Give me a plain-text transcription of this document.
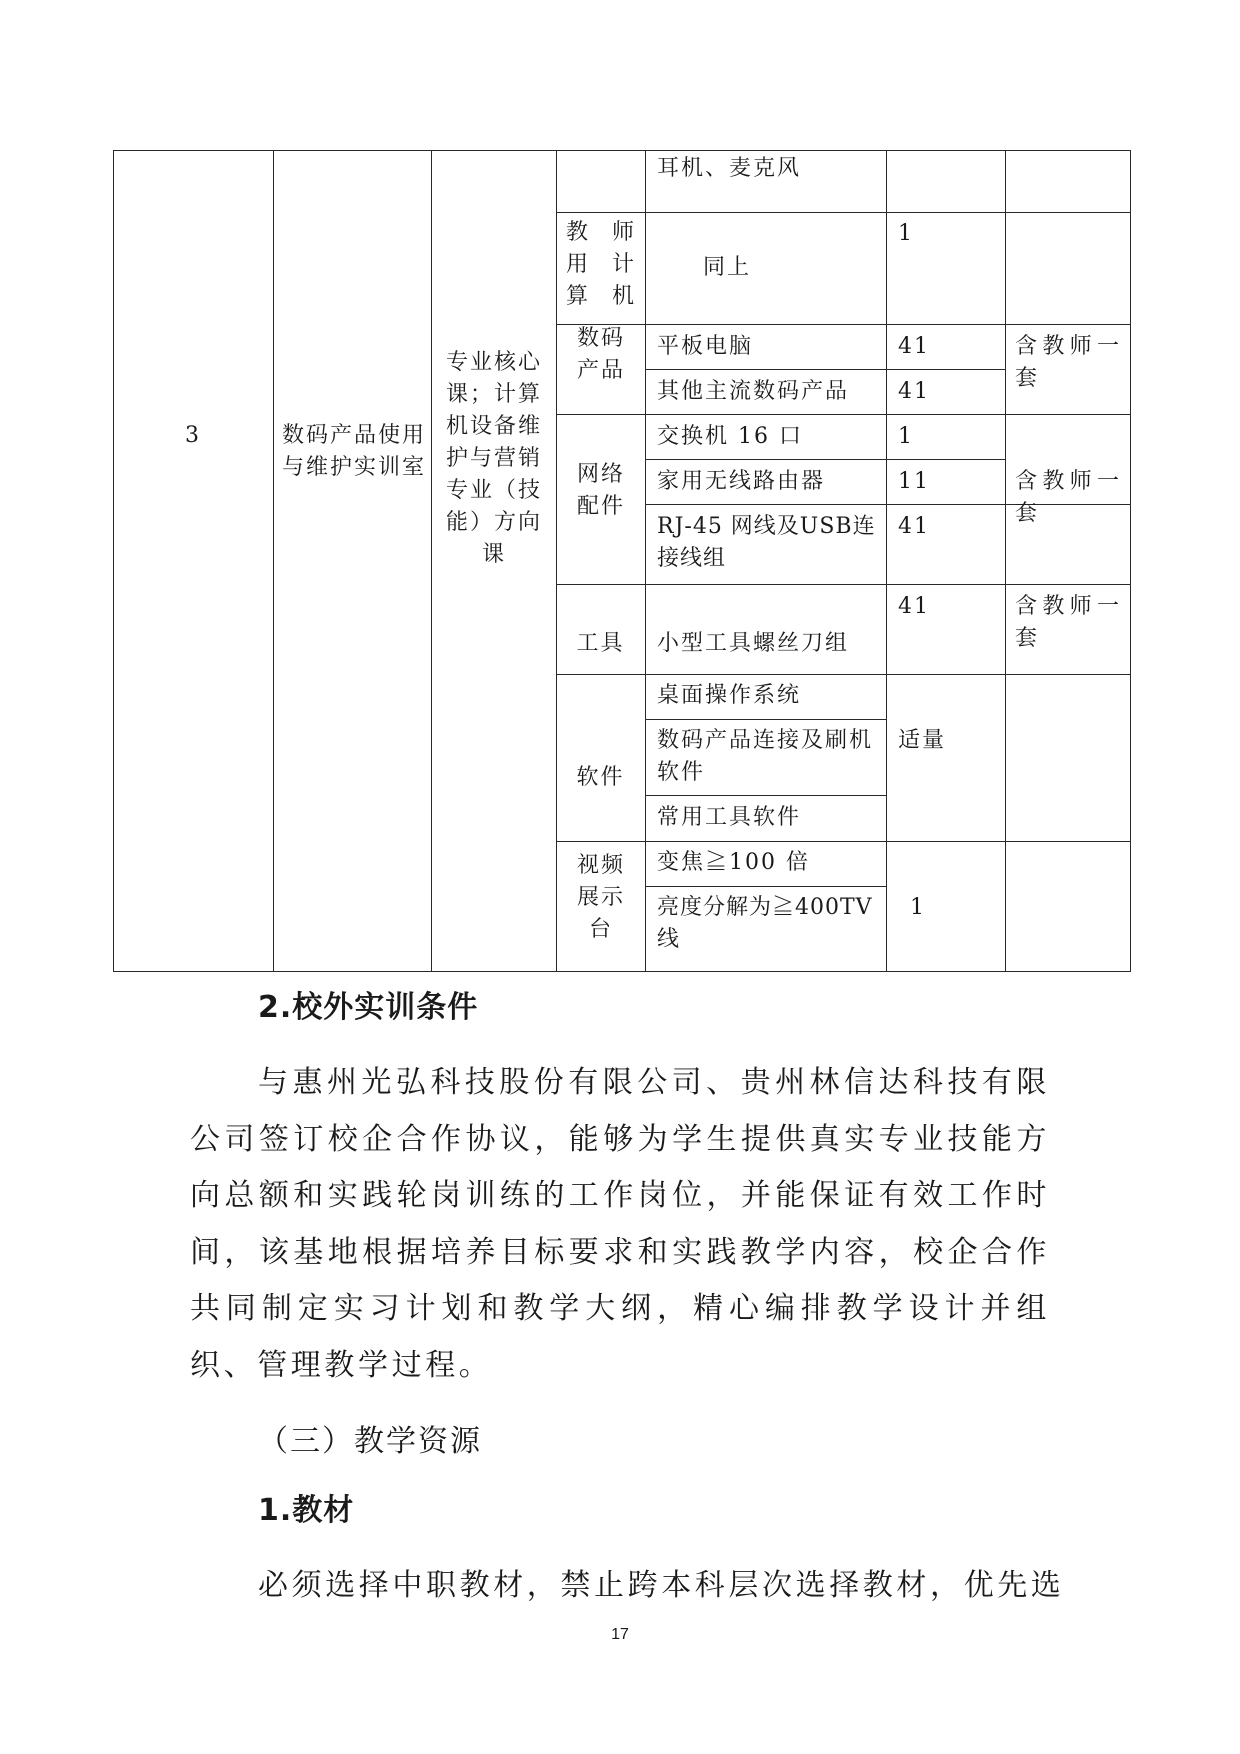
3	数码产品使用与维护实训室
专业核心课；计算机设备维护与营销专业（技能）方向课
教师用计算机
数码产品
网络配件
工具
软件
视频展示台
耳机、麦克风
同上
平板电脑
其他主流数码产品
交换机 16 口
家用无线路由器
RJ-45 网线及USB连接线组
小型工具螺丝刀组
桌面操作系统
数码产品连接及刷机软件
常用工具软件
变焦≧100 倍
亮度分解为≧400TV线
1
41
41
1
11
41
41
适量
1
含教师一套
含教师一套
含教师一套
2.校外实训条件

与惠州光弘科技股份有限公司、贵州林信达科技有限公司签订校企合作协议，能够为学生提供真实专业技能方向总额和实践轮岗训练的工作岗位，并能保证有效工作时间，该基地根据培养目标要求和实践教学内容，校企合作共同制定实习计划和教学大纲，精心编排教学设计并组织、管理教学过程。

（三）教学资源
1.教材

必须选择中职教材，禁止跨本科层次选择教材，优先选

17
